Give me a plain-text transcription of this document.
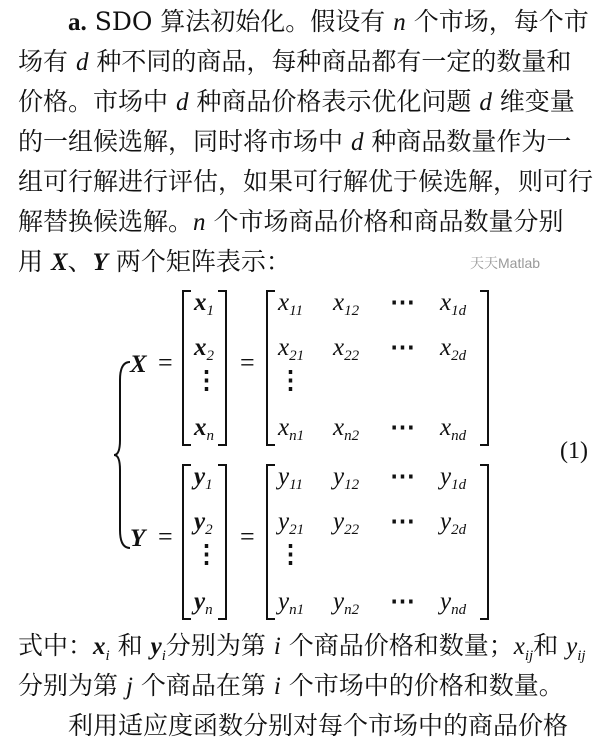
a. SDO 算法初始化。假设有 n 个市场，每个市
场有 d 种不同的商品，每种商品都有一定的数量和
价格。市场中 d 种商品价格表示优化问题 d 维变量
的一组候选解，同时将市场中 d 种商品数量作为一
组可行解进行评估，如果可行解优于候选解，则可行
解替换候选解。n 个市场商品价格和商品数量分别
用 X、Y 两个矩阵表示：
(1)
X =
$x_1$
$x_2$
⋮
$x_n$
=
$x_{11}$ $x_{12}$ ⋯ $x_{1d}$
$x_{21}$ $x_{22}$ ⋯ $x_{2d}$
⋮
$x_{n1}$ $x_{n2}$ ⋯ $x_{nd}$
Y =
$y_1$
$y_2$
⋮
$y_n$
=
$y_{11}$ $y_{12}$ ⋯ $y_{1d}$
$y_{21}$ $y_{22}$ ⋯ $y_{2d}$
⋮
$y_{n1}$ $y_{n2}$ ⋯ $y_{nd}$
天天Matlab
式中：$x_i$ 和 $y_i$分别为第 i 个商品价格和数量；$x_{ij}$和 $y_{ij}$
分别为第 j 个商品在第 i 个市场中的价格和数量。
利用适应度函数分别对每个市场中的商品价格
